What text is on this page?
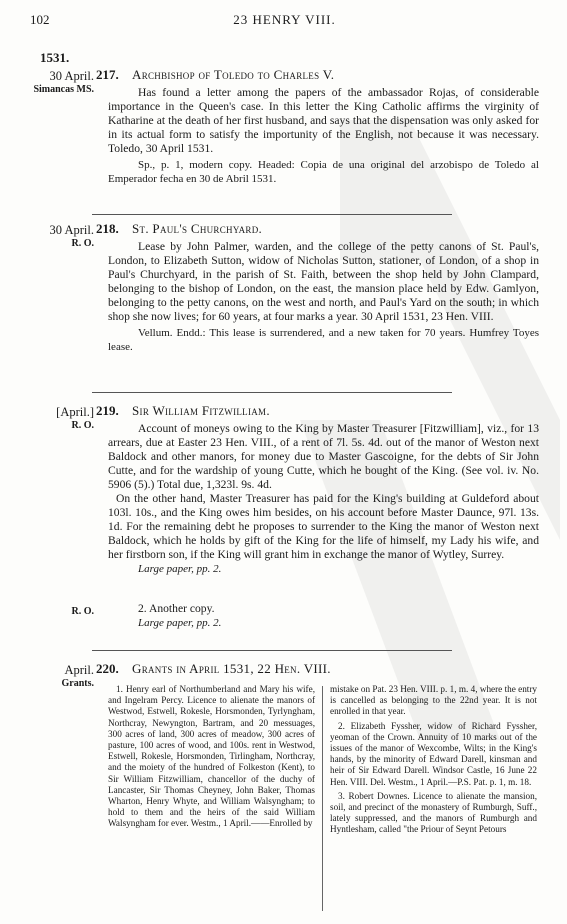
102	23 HENRY VIII.
1531.
30 April.
Simancas MS.
217. Archbishop of Toledo to Charles V.

Has found a letter among the papers of the ambassador Rojas, of considerable importance in the Queen's case. In this letter the King Catholic affirms the virginity of Katharine at the death of her first husband, and says that the dispensation was only asked for in its actual form to satisfy the importunity of the English, not because it was necessary. Toledo, 30 April 1531.

Sp., p. 1, modern copy. Headed: Copia de una original del arzobispo de Toledo al Emperador fecha en 30 de Abril 1531.

30 April.
R. O.
218. St. Paul's Churchyard.

Lease by John Palmer, warden, and the college of the petty canons of St. Paul's, London, to Elizabeth Sutton, widow of Nicholas Sutton, stationer, of London, of a shop in Paul's Churchyard, in the parish of St. Faith, between the shop held by John Clampard, belonging to the bishop of London, on the east, the mansion place held by Edw. Gamlyon, belonging to the petty canons, on the west and north, and Paul's Yard on the south; in which shop she now lives; for 60 years, at four marks a year. 30 April 1531, 23 Hen. VIII.

Vellum. Endd.: This lease is surrendered, and a new taken for 70 years. Humfrey Toyes lease.

[April.]
R. O.
219. Sir William Fitzwilliam.

Account of moneys owing to the King by Master Treasurer [Fitzwilliam], viz., for 13 arrears, due at Easter 23 Hen. VIII., of a rent of 7l. 5s. 4d. out of the manor of Weston next Baldock and other manors, for money due to Master Gascoigne, for the debts of Sir John Cutte, and for the wardship of young Cutte, which he bought of the King. (See vol. iv. No. 5906 (5).) Total due, 1,323l. 9s. 4d.

On the other hand, Master Treasurer has paid for the King's building at Guldeford about 103l. 10s., and the King owes him besides, on his account before Master Daunce, 97l. 13s. 1d. For the remaining debt he proposes to surrender to the King the manor of Weston next Baldock, which he holds by gift of the King for the life of himself, my Lady his wife, and her firstborn son, if the King will grant him in exchange the manor of Wytley, Surrey.

Large paper, pp. 2.

R. O.	2. Another copy.

Large paper, pp. 2.

April.
Grants.
220. Grants in April 1531, 22 Hen. VIII.

1. Henry earl of Northumberland and Mary his wife, and Ingelram Percy. Licence to alienate the manors of Westwod, Estwell, Rokesle, Horsmonden, Tyrlyngham, Northcray, Newyngton, Bartram, and 20 messuages, 300 acres of land, 300 acres of meadow, 300 acres of pasture, 100 acres of wood, and 100s. rent in Westwod, Estwell, Rokesle, Horsmonden, Tirlingham, Northcray, and the moiety of the hundred of Folkeston (Kent), to Sir William Fitzwilliam, chancellor of the duchy of Lancaster, Sir Thomas Cheyney, John Baker, Thomas Wharton, Henry Whyte, and William Walsyngham; to hold to them and the heirs of the said William Walsyngham for ever. Westm., 1 April.——Enrolled by

mistake on Pat. 23 Hen. VIII. p. 1, m. 4, where the entry is cancelled as belonging to the 22nd year. It is not enrolled in that year.

2. Elizabeth Fyssher, widow of Richard Fyssher, yeoman of the Crown. Annuity of 10 marks out of the issues of the manor of Wexcombe, Wilts; in the King's hands, by the minority of Edward Darell, kinsman and heir of Sir Edward Darell. Windsor Castle, 16 June 22 Hen. VIII. Del. Westm., 1 April.—P.S. Pat. p. 1, m. 18.

3. Robert Downes. Licence to alienate the mansion, soil, and precinct of the monastery of Rumburgh, Suff., lately suppressed, and the manors of Rumburgh and Hyntlesham, called "the Priour of Seynt Petours
